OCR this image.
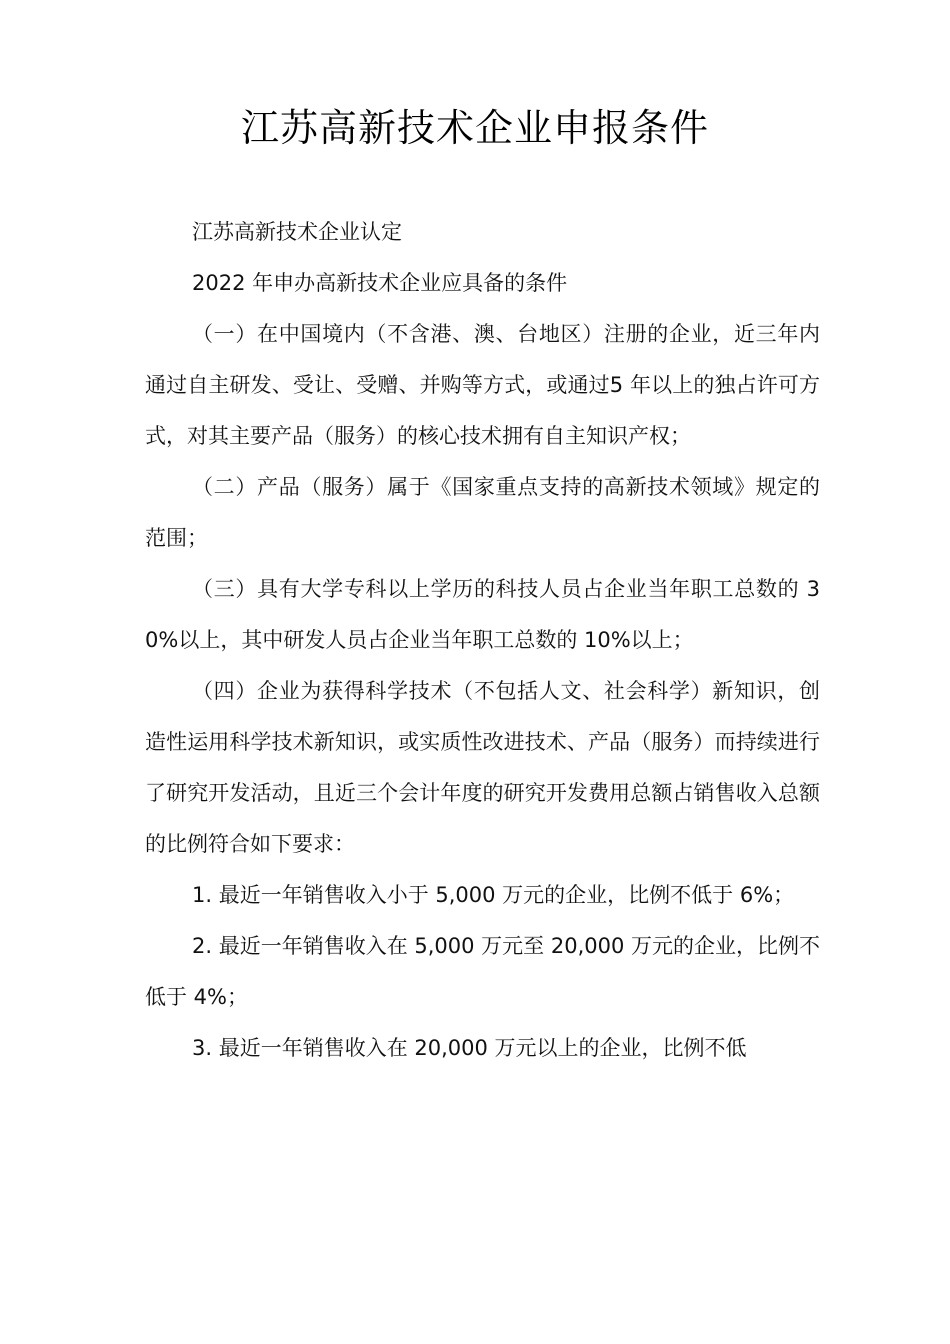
江苏高新技术企业申报条件

江苏高新技术企业认定

2022 年申办高新技术企业应具备的条件

（一）在中国境内（不含港、澳、台地区）注册的企业，近三年内通过自主研发、受让、受赠、并购等方式，或通过5 年以上的独占许可方式，对其主要产品（服务）的核心技术拥有自主知识产权；

（二）产品（服务）属于《国家重点支持的高新技术领域》规定的范围；

（三）具有大学专科以上学历的科技人员占企业当年职工总数的 30%以上，其中研发人员占企业当年职工总数的 10%以上；

（四）企业为获得科学技术（不包括人文、社会科学）新知识，创造性运用科学技术新知识，或实质性改进技术、产品（服务）而持续进行了研究开发活动，且近三个会计年度的研究开发费用总额占销售收入总额的比例符合如下要求：

1. 最近一年销售收入小于 5,000 万元的企业，比例不低于 6%；

2. 最近一年销售收入在 5,000 万元至 20,000 万元的企业，比例不低于 4%；

3. 最近一年销售收入在 20,000 万元以上的企业，比例不低
